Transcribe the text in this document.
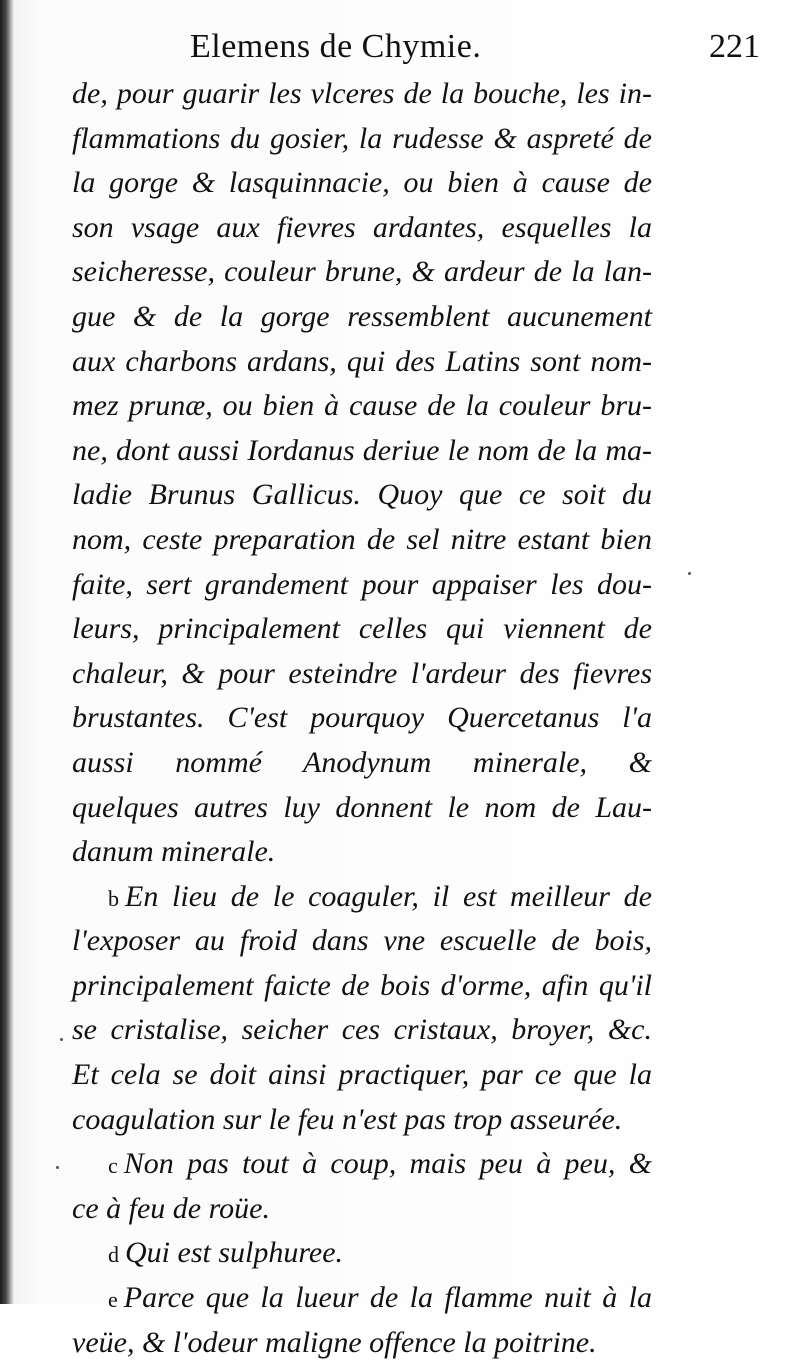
Elemens de Chymie.	221
de, pour guarir les vlceres de la bouche, les in-
flammations du gosier, la rudesse & aspreté de
la gorge & lasquinnacie, ou bien à cause de
son vsage aux fievres ardantes, esquelles la
seicheresse, couleur brune, & ardeur de la lan-
gue & de la gorge ressemblent aucunement
aux charbons ardans, qui des Latins sont nom-
mez prunæ, ou bien à cause de la couleur bru-
ne, dont aussi Iordanus deriue le nom de la ma-
ladie Brunus Gallicus. Quoy que ce soit du
nom, ceste preparation de sel nitre estant bien
faite, sert grandement pour appaiser les dou-
leurs, principalement celles qui viennent de
chaleur, & pour esteindre l'ardeur des fievres
brustantes. C'est pourquoy Quercetanus l'a
aussi nommé Anodynum minerale, &
quelques autres luy donnent le nom de Lau-
danum minerale.
b En lieu de le coaguler, il est meilleur de
l'exposer au froid dans vne escuelle de bois,
principalement faicte de bois d'orme, afin qu'il
se cristalise, seicher ces cristaux, broyer, &c.
Et cela se doit ainsi practiquer, par ce que la
coagulation sur le feu n'est pas trop asseurée.
c Non pas tout à coup, mais peu à peu, &
ce à feu de roüe.
d Qui est sulphuree.
e Parce que la lueur de la flamme nuit à la
veüe, & l'odeur maligne offence la poitrine.
